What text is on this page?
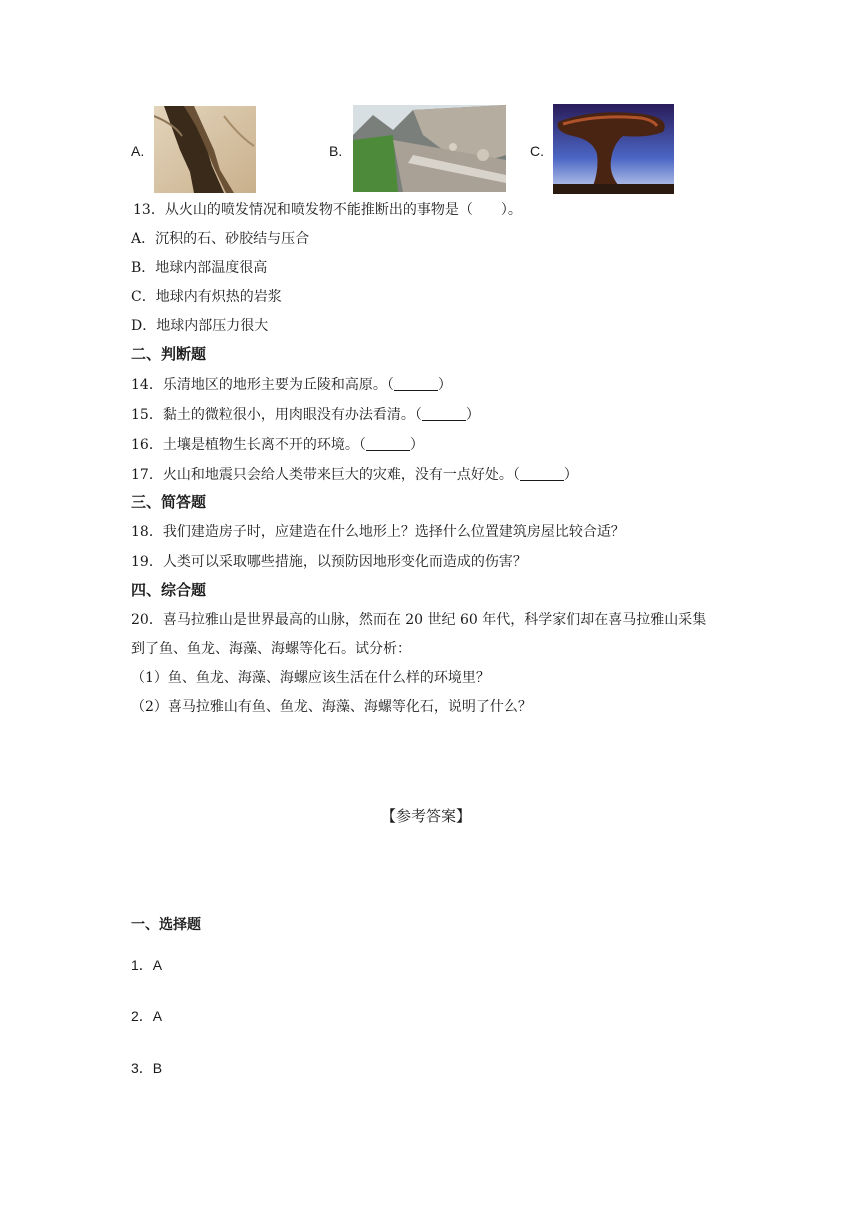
A.	B.	C.
13．从火山的喷发情况和喷发物不能推断出的事物是（　　）。
A．沉积的石、砂胶结与压合
B．地球内部温度很高
C．地球内有炽热的岩浆
D．地球内部压力很大
二、判断题
14．乐清地区的地形主要为丘陵和高原。（	）
15．黏土的微粒很小，用肉眼没有办法看清。（	）
16．土壤是植物生长离不开的环境。（	）
17．火山和地震只会给人类带来巨大的灾难，没有一点好处。（	）
三、简答题
18．我们建造房子时，应建造在什么地形上？选择什么位置建筑房屋比较合适？
19．人类可以采取哪些措施，以预防因地形变化而造成的伤害？
四、综合题
20．喜马拉雅山是世界最高的山脉，然而在 20 世纪 60 年代，科学家们却在喜马拉雅山采集
到了鱼、鱼龙、海藻、海螺等化石。试分析：
（1）鱼、鱼龙、海藻、海螺应该生活在什么样的环境里？
（2）喜马拉雅山有鱼、鱼龙、海藻、海螺等化石，说明了什么？
【参考答案】
一、选择题
1．A
2．A
3．B
